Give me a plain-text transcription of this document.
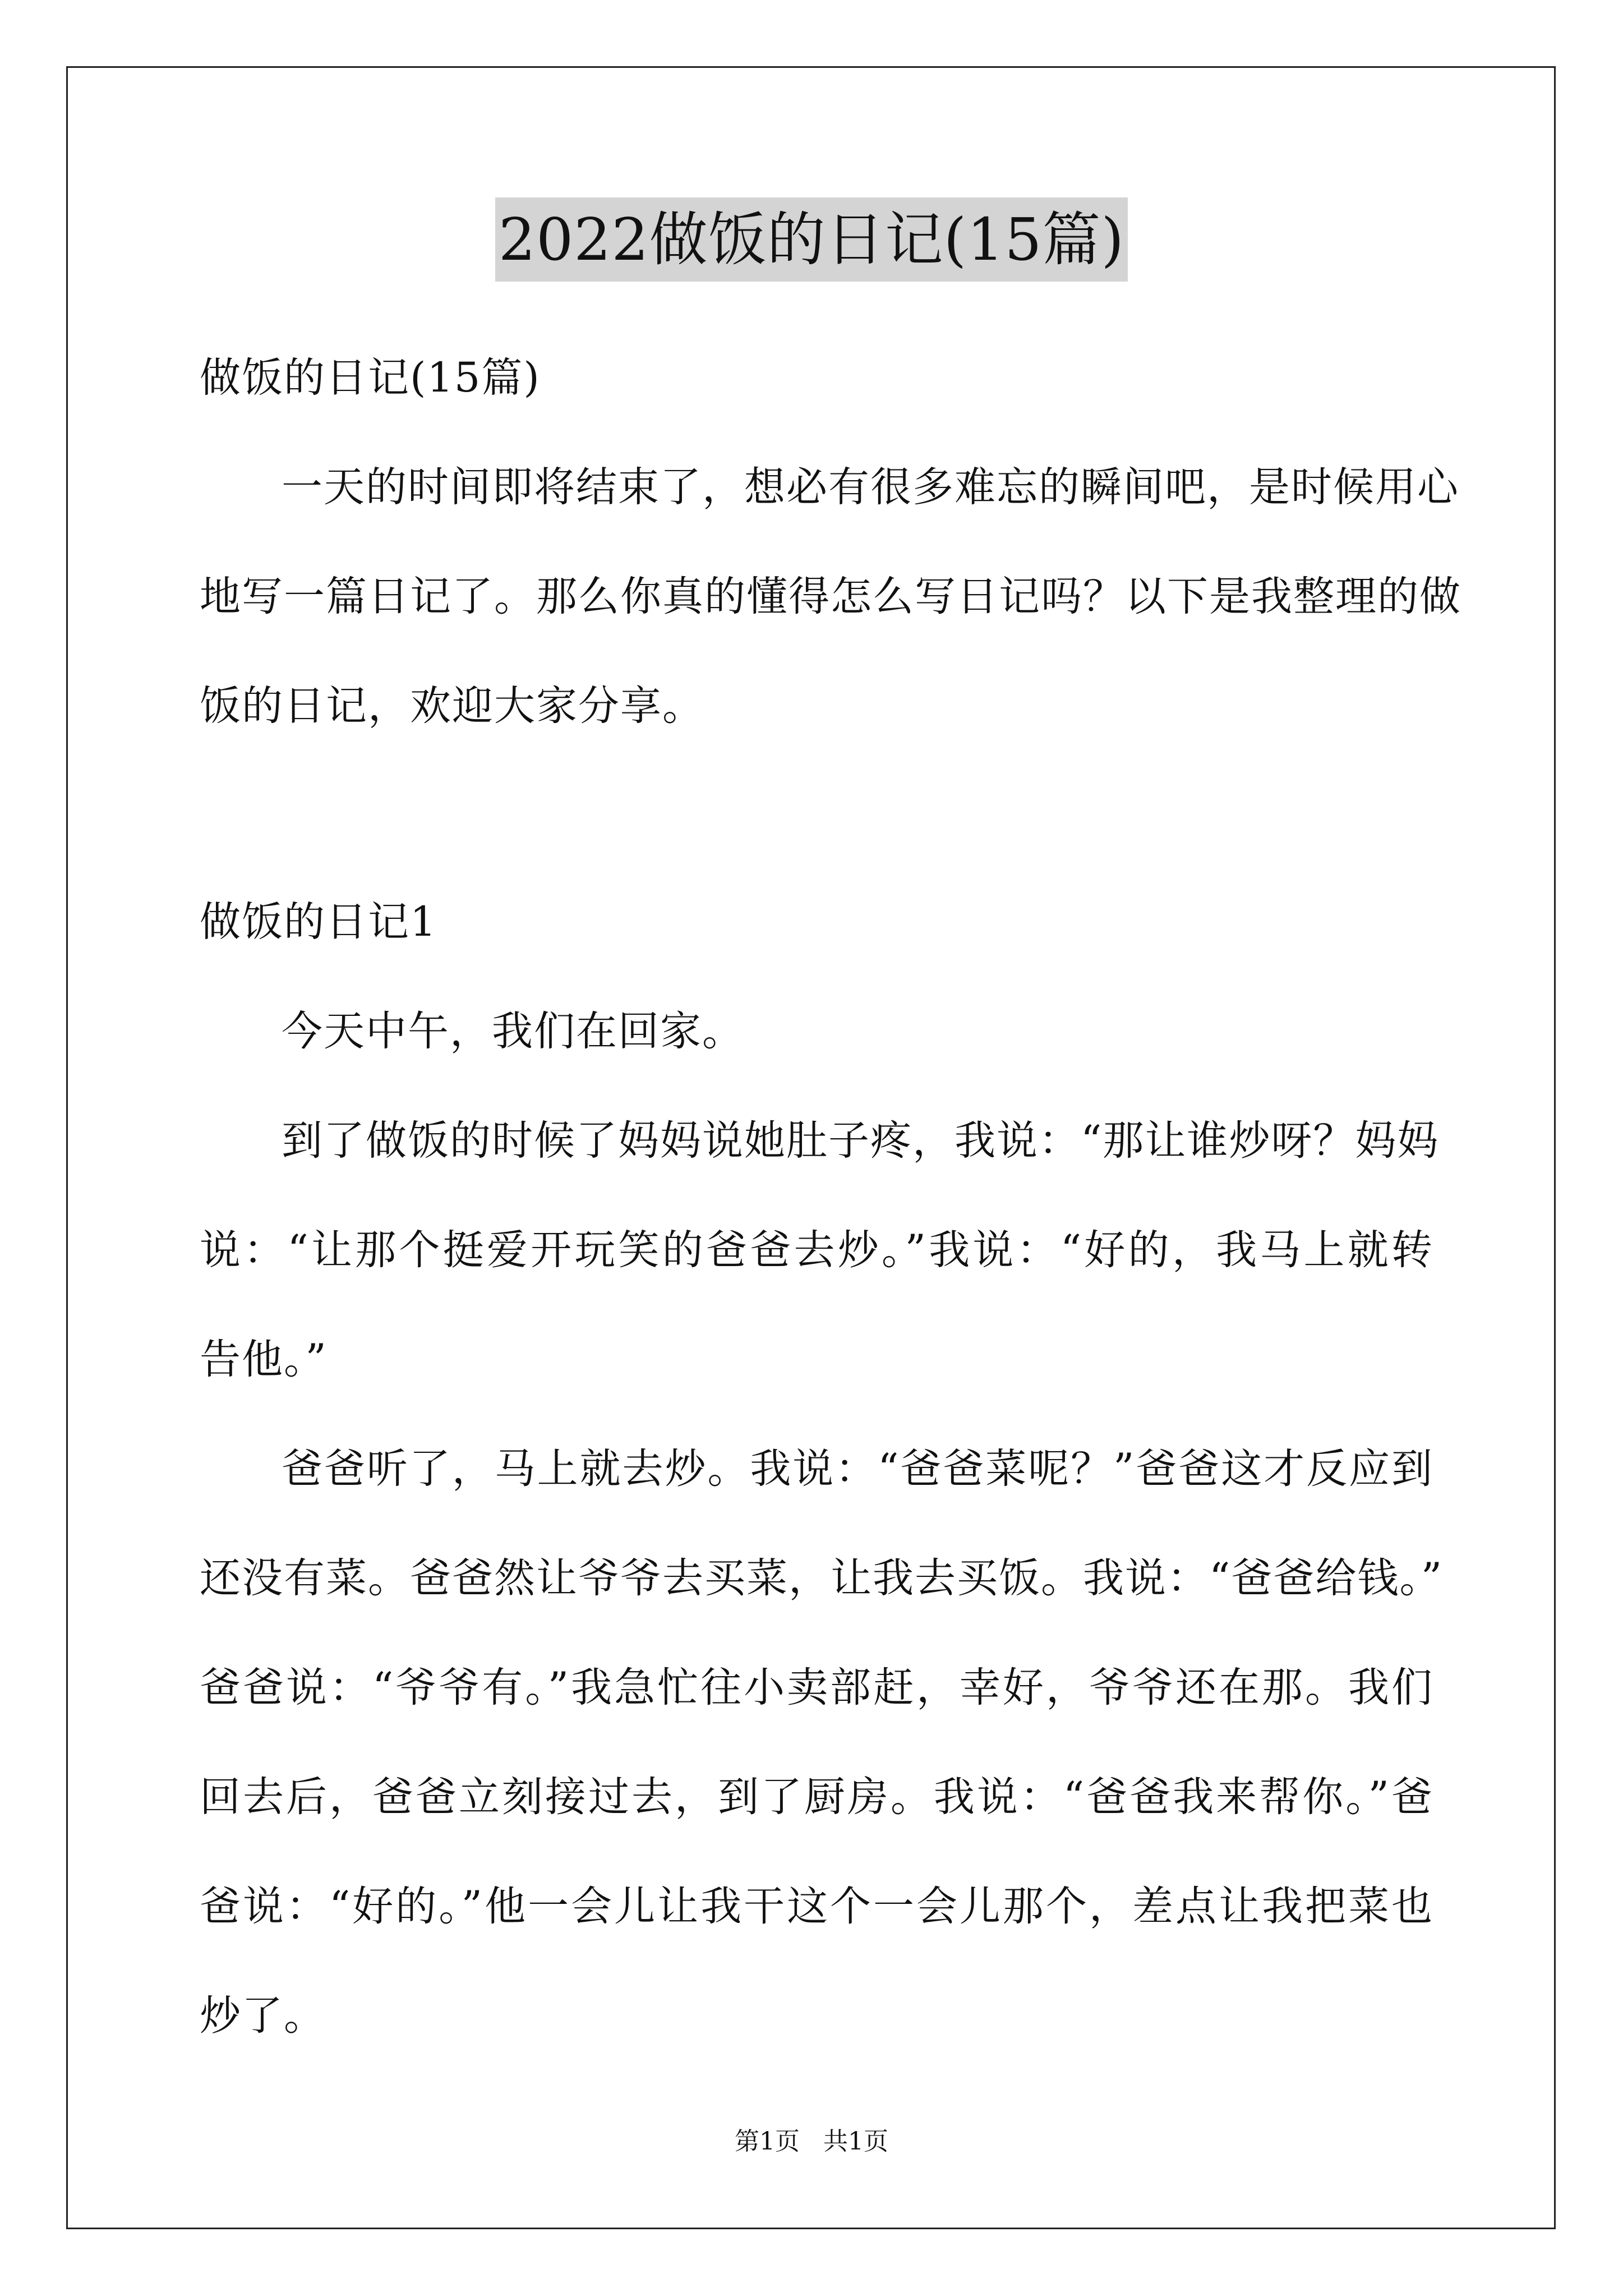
2022做饭的日记(15篇)
做饭的日记(15篇)
一天的时间即将结束了，想必有很多难忘的瞬间吧，是时候用心
地写一篇日记了。那么你真的懂得怎么写日记吗？以下是我整理的做
饭的日记，欢迎大家分享。
做饭的日记1
今天中午，我们在回家。
到了做饭的时候了妈妈说她肚子疼，我说：“那让谁炒呀？妈妈
说：“让那个挺爱开玩笑的爸爸去炒。”我说：“好的，我马上就转
告他。”
爸爸听了，马上就去炒。我说：“爸爸菜呢？”爸爸这才反应到
还没有菜。爸爸然让爷爷去买菜，让我去买饭。我说：“爸爸给钱。”
爸爸说：“爷爷有。”我急忙往小卖部赶，幸好，爷爷还在那。我们
回去后，爸爸立刻接过去，到了厨房。我说：“爸爸我来帮你。”爸
爸说：“好的。”他一会儿让我干这个一会儿那个，差点让我把菜也
炒了。
第1页   共1页
